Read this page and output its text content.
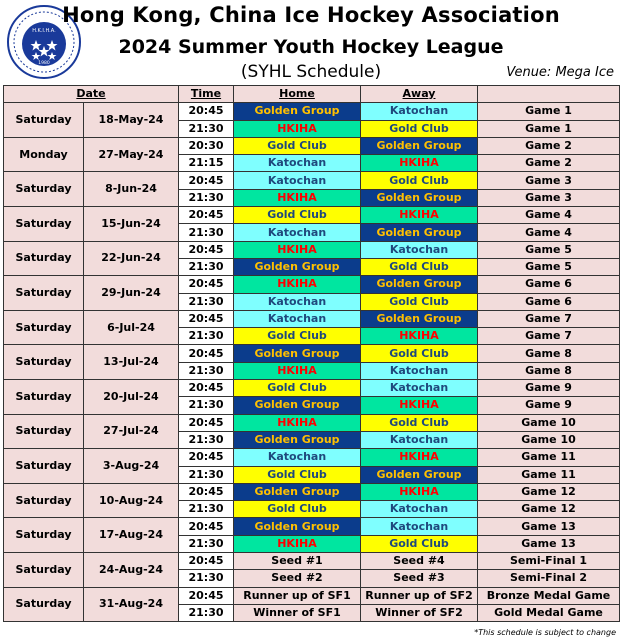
H.K.I.H.A.
1980
Hong Kong, China Ice Hockey Association
2024 Summer Youth Hockey League
(SYHL Schedule)	Venue: Mega Ice
Date		Time	Home	Away	
Saturday	18-May-24	20:45	Golden Group	Katochan	Game 1
		21:30	HKIHA	Gold Club	Game 1
Monday	27-May-24	20:30	Gold Club	Golden Group	Game 2
		21:15	Katochan	HKIHA	Game 2
Saturday	8-Jun-24	20:45	Katochan	Gold Club	Game 3
		21:30	HKIHA	Golden Group	Game 3
Saturday	15-Jun-24	20:45	Gold Club	HKIHA	Game 4
		21:30	Katochan	Golden Group	Game 4
Saturday	22-Jun-24	20:45	HKIHA	Katochan	Game 5
		21:30	Golden Group	Gold Club	Game 5
Saturday	29-Jun-24	20:45	HKIHA	Golden Group	Game 6
		21:30	Katochan	Gold Club	Game 6
Saturday	6-Jul-24	20:45	Katochan	Golden Group	Game 7
		21:30	Gold Club	HKIHA	Game 7
Saturday	13-Jul-24	20:45	Golden Group	Gold Club	Game 8
		21:30	HKIHA	Katochan	Game 8
Saturday	20-Jul-24	20:45	Gold Club	Katochan	Game 9
		21:30	Golden Group	HKIHA	Game 9
Saturday	27-Jul-24	20:45	HKIHA	Gold Club	Game 10
		21:30	Golden Group	Katochan	Game 10
Saturday	3-Aug-24	20:45	Katochan	HKIHA	Game 11
		21:30	Gold Club	Golden Group	Game 11
Saturday	10-Aug-24	20:45	Golden Group	HKIHA	Game 12
		21:30	Gold Club	Katochan	Game 12
Saturday	17-Aug-24	20:45	Golden Group	Katochan	Game 13
		21:30	HKIHA	Gold Club	Game 13
Saturday	24-Aug-24	20:45	Seed #1	Seed #4	Semi-Final 1
		21:30	Seed #2	Seed #3	Semi-Final 2
Saturday	31-Aug-24	20:45	Runner up of SF1	Runner up of SF2	Bronze Medal Game
		21:30	Winner of SF1	Winner of SF2	Gold Medal Game
*This schedule is subject to change
